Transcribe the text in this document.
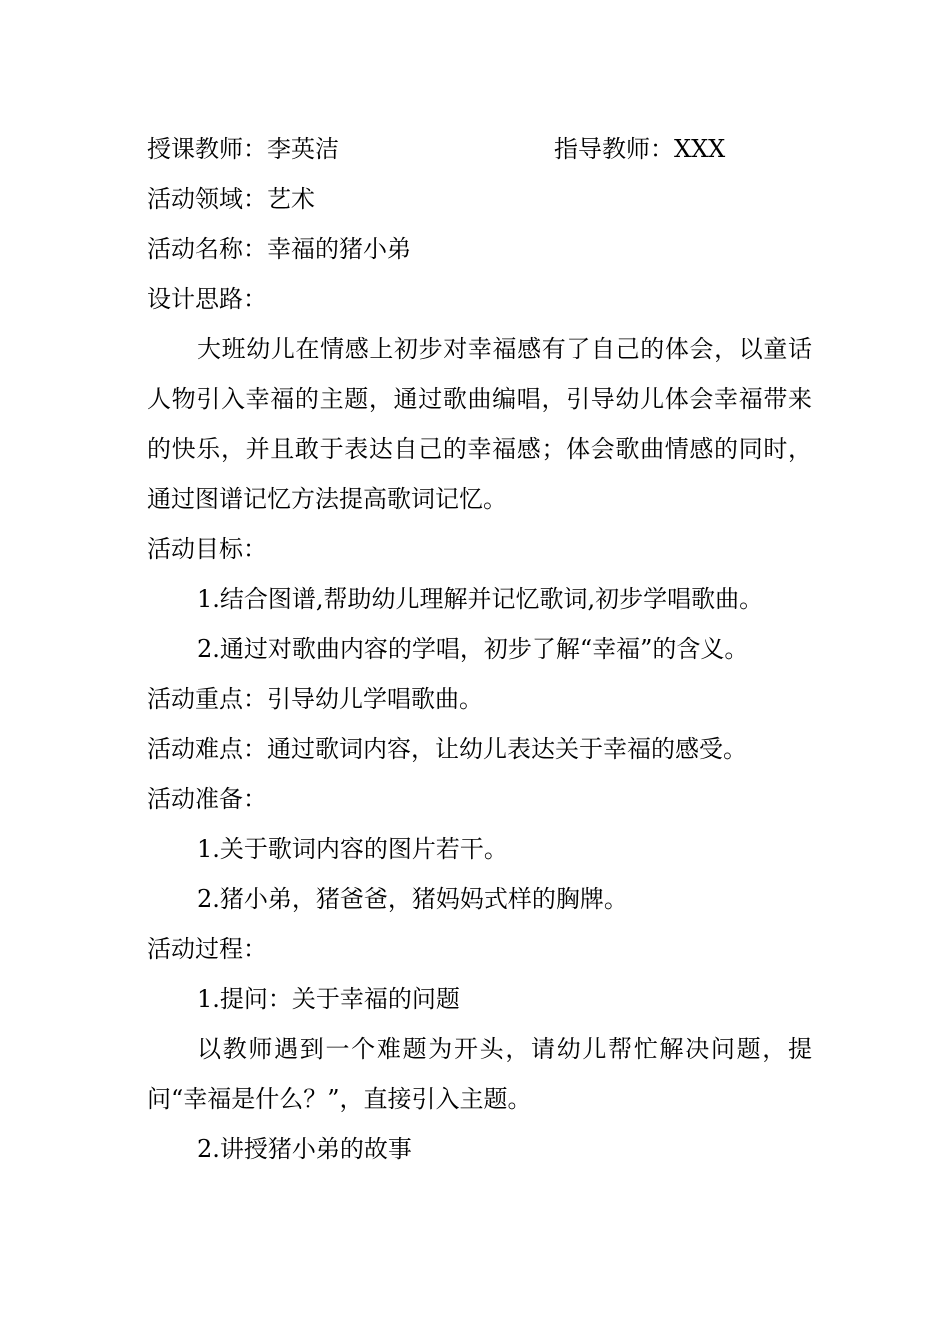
授课教师：李英洁	指导教师：XXX
活动领域：艺术
活动名称：幸福的猪小弟
设计思路：
大班幼儿在情感上初步对幸福感有了自己的体会，以童话人物引入幸福的主题，通过歌曲编唱，引导幼儿体会幸福带来的快乐，并且敢于表达自己的幸福感；体会歌曲情感的同时，通过图谱记忆方法提高歌词记忆。
活动目标：
1.结合图谱,帮助幼儿理解并记忆歌词,初步学唱歌曲。
2.通过对歌曲内容的学唱，初步了解“幸福”的含义。
活动重点：引导幼儿学唱歌曲。
活动难点：通过歌词内容，让幼儿表达关于幸福的感受。
活动准备：
1.关于歌词内容的图片若干。
2.猪小弟，猪爸爸，猪妈妈式样的胸牌。
活动过程：
1.提问：关于幸福的问题
以教师遇到一个难题为开头，请幼儿帮忙解决问题，提问“幸福是什么？”，直接引入主题。
2.讲授猪小弟的故事
